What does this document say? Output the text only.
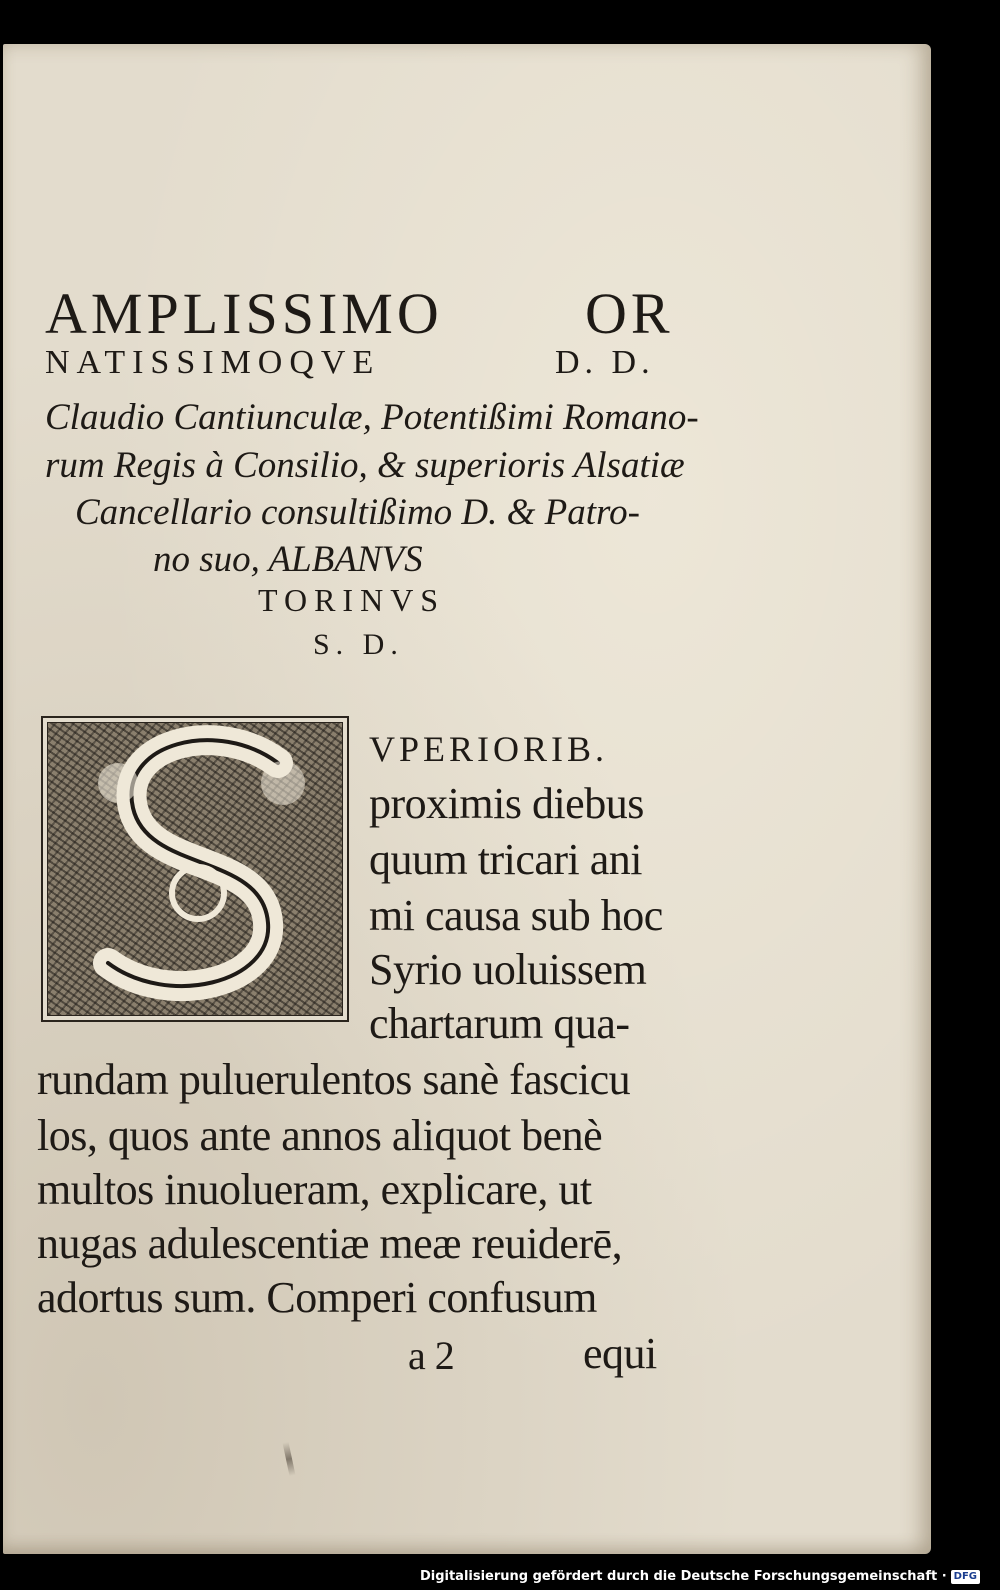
AMPLISSIMO OR
NATISSIMOQVE	D. D.
Claudio Cantiunculæ, Potentißimi Romano-
rum Regis à Consilio, & superioris Alsatiæ
Cancellario consultißimo D. & Patro-
no suo, ALBANVS
TORINVS
S. D.
VPERIORIB.
proximis diebus
quum tricari ani
mi causa sub hoc
Syrio uoluissem
chartarum qua-
rundam puluerulentos sanè fascicu
los, quos ante annos aliquot benè
multos inuolueram, explicare, ut
nugas adulescentiæ meæ reuiderē,
adortus sum. Comperi confusum
a 2	equi
Digitalisierung gefördert durch die Deutsche Forschungsgemeinschaft · DFG
